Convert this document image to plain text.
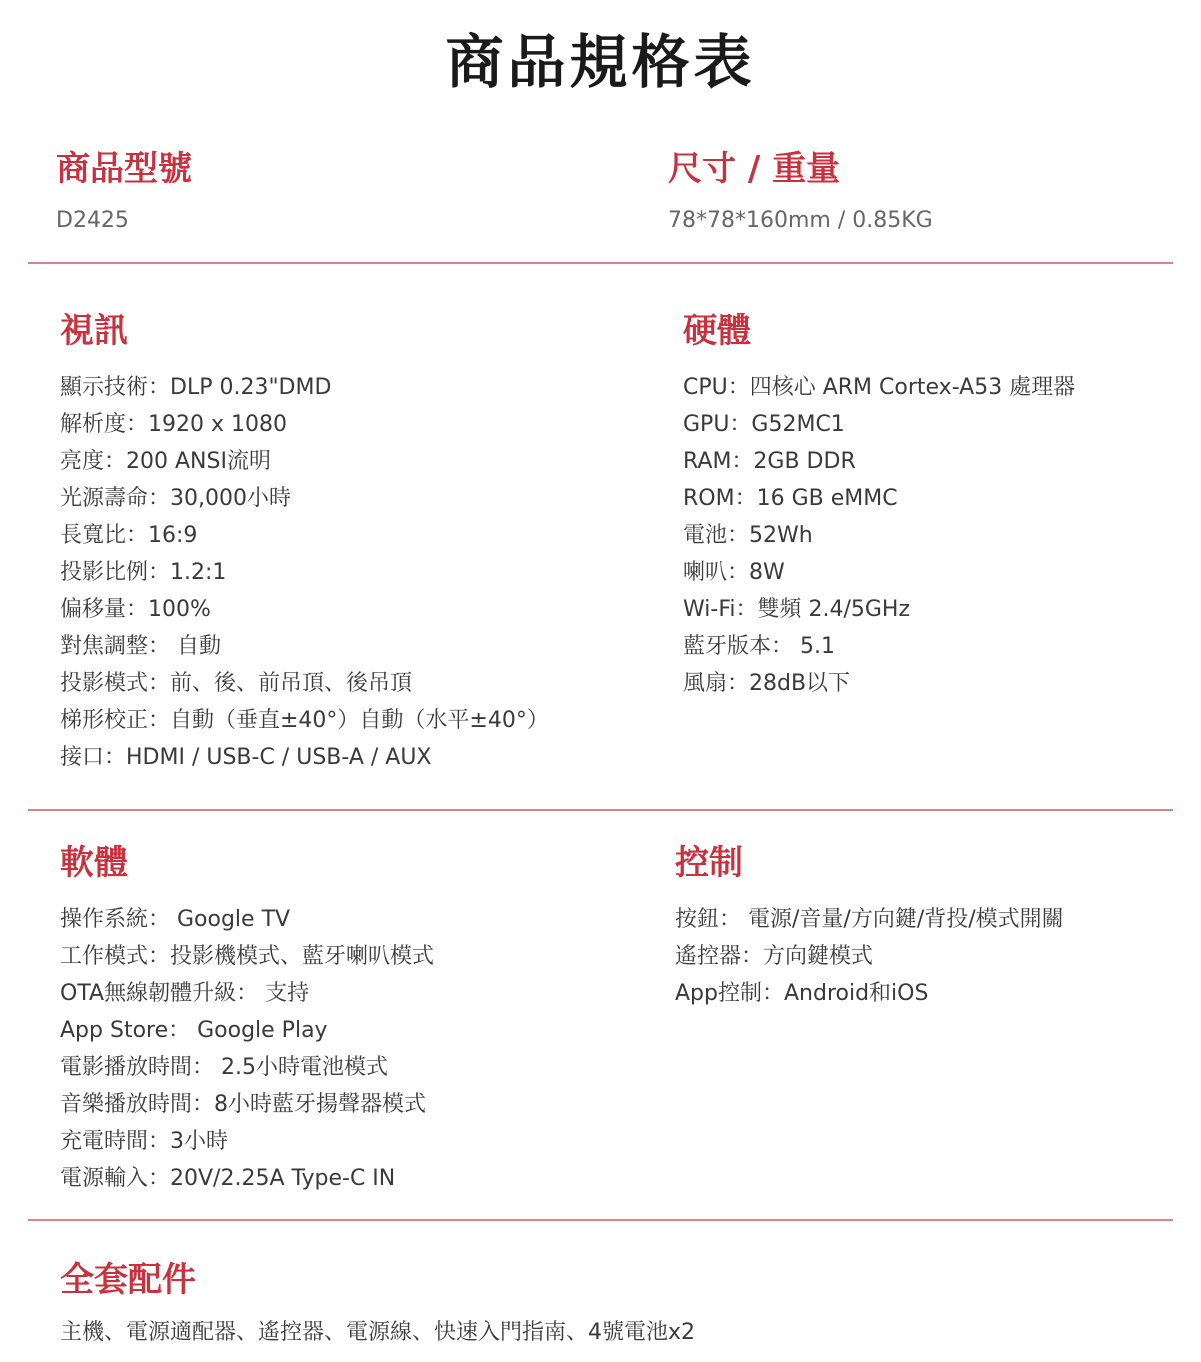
商品規格表
商品型號
D2425
尺寸 / 重量
78*78*160mm / 0.85KG
視訊
顯示技術：DLP 0.23"DMD
解析度：1920 x 1080
亮度：200 ANSI流明
光源壽命：30,000小時
長寬比：16:9
投影比例：1.2:1
偏移量：100%
對焦調整： 自動
投影模式：前、後、前吊頂、後吊頂
梯形校正：自動（垂直±40°）自動（水平±40°）
接口：HDMI / USB-C / USB-A / AUX
硬體
CPU：四核心 ARM Cortex-A53 處理器
GPU：G52MC1
RAM：2GB DDR
ROM：16 GB eMMC
電池：52Wh
喇叭：8W
Wi-Fi：雙頻 2.4/5GHz
藍牙版本： 5.1
風扇：28dB以下
軟體
操作系統： Google TV
工作模式：投影機模式、藍牙喇叭模式
OTA無線韌體升級： 支持
App Store： Google Play
電影播放時間： 2.5小時電池模式
音樂播放時間：8小時藍牙揚聲器模式
充電時間：3小時
電源輸入：20V/2.25A Type-C IN
控制
按鈕： 電源/音量/方向鍵/背投/模式開關
遙控器：方向鍵模式
App控制：Android和iOS
全套配件
主機、電源適配器、遙控器、電源線、快速入門指南、4號電池x2
